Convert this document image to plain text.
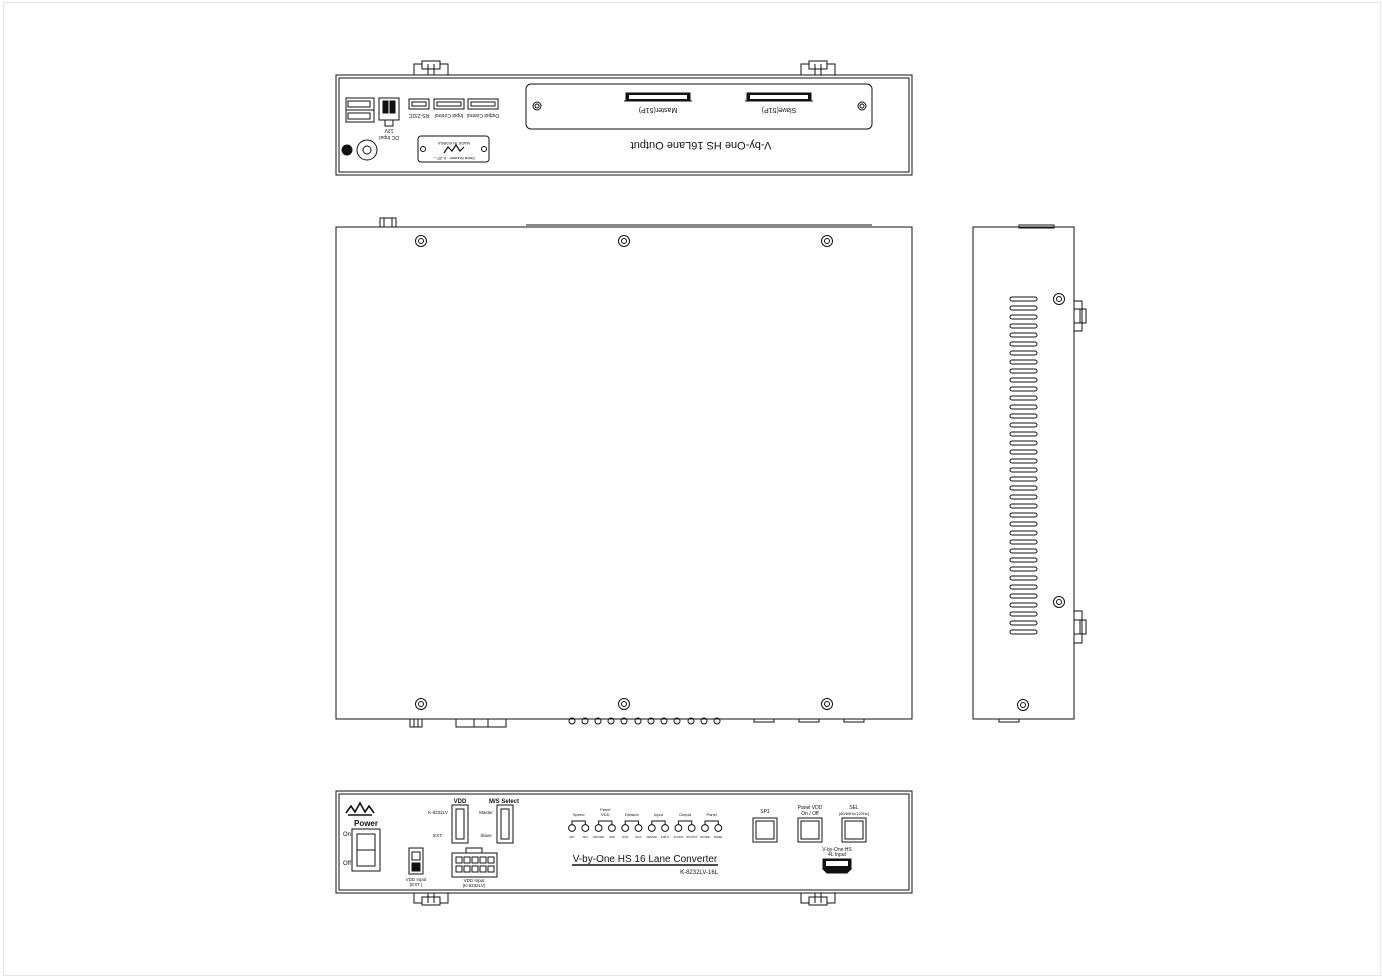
Master(51P)	Slave(51P)
V-by-One HS 16Lane Output
12V
DC Input
RS-232C Input Control Output Control
MADE IN KOREA
Serial Number : K-2P---
Power
On
Off
VDD Input
(EXT.)
VDD
K-8232LV
EXT.
VDD Input
(K-8232LV)
M/S Select
Master
Slave
Speed
SP1	SP2
Panel
VDD
SW/VDD VDD
Division
DIV1	DIV2
Input
DEVICE INPUT
Output
IN1/IN2 OUTPUT
Panel
DIVIDE PANEL
V-by-One HS 16 Lane Converter
K-8232LV-16L
SP1
Panel VDD
On / Off
SEL
(60/60Hz/120Hz)
V-by-One HS
4L Input
